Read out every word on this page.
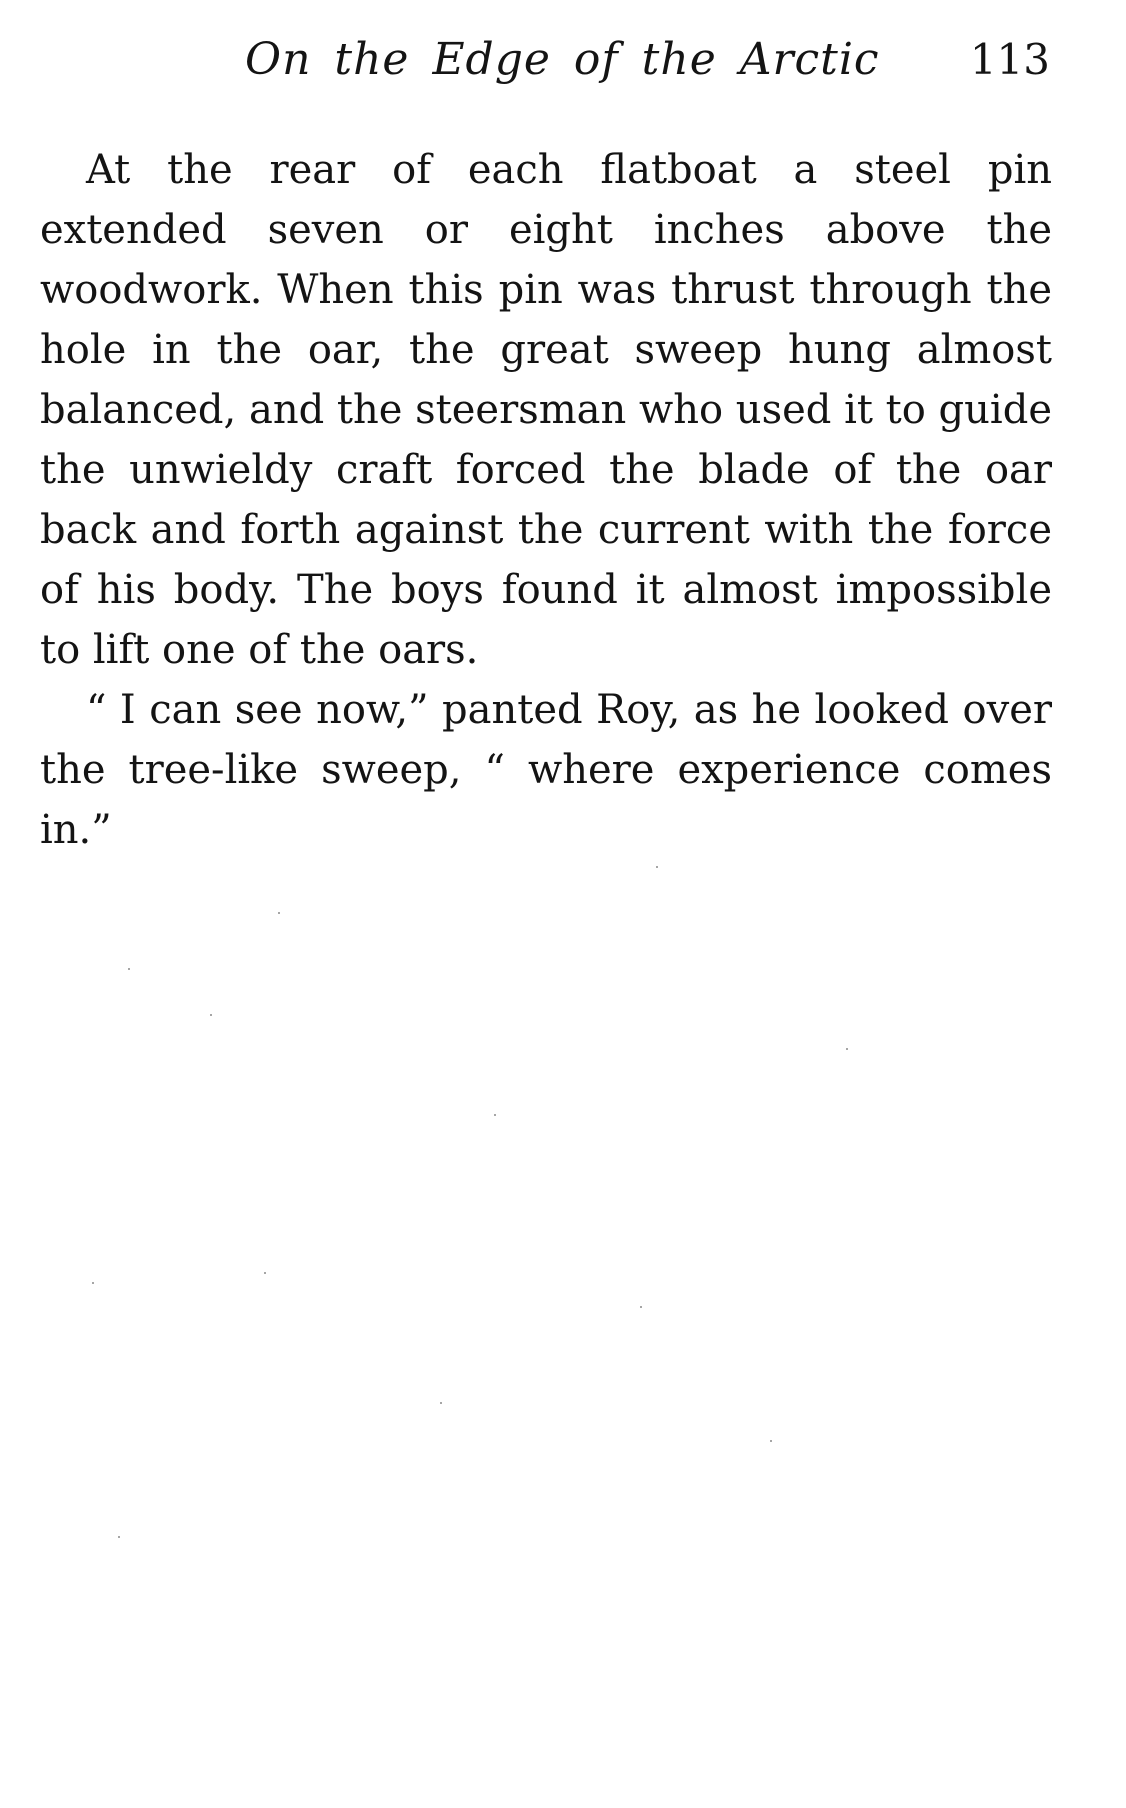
On the Edge of the Arctic 113

At the rear of each flatboat a steel pin extended seven or eight inches above the woodwork. When this pin was thrust through the hole in the oar, the great sweep hung almost balanced, and the steersman who used it to guide the unwieldy craft forced the blade of the oar back and forth against the current with the force of his body. The boys found it almost impossible to lift one of the oars.

“ I can see now,” panted Roy, as he looked over the tree-like sweep, “ where experience comes in.”
